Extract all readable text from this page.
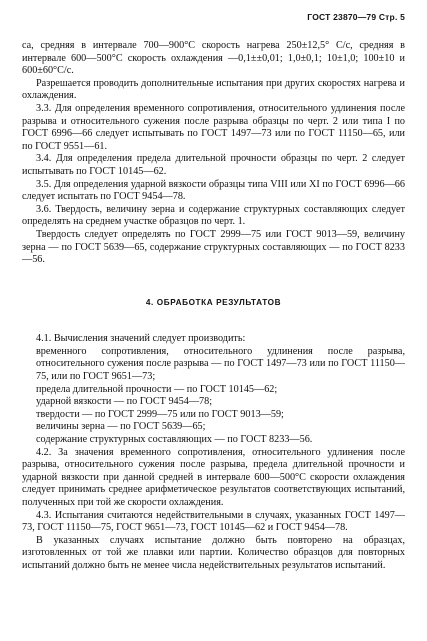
ГОСТ 23870—79 Стр. 5

са, средняя в интервале 700—900°С скорость нагрева 250±12,5° С/с, средняя в интервале 600—500°С скорость охлаждения —0,1±±0,01; 1,0±0,1; 10±1,0; 100±10 и 600±60°С/с.

Разрешается проводить дополнительные испытания при других скоростях нагрева и охлаждения.

3.3. Для определения временного сопротивления, относительного удлинения после разрыва и относительного сужения после разрыва образцы по черт. 2 или типа I по ГОСТ 6996—66 следует испытывать по ГОСТ 1497—73 или по ГОСТ 11150—65, или по ГОСТ 9551—61.

3.4. Для определения предела длительной прочности образцы по черт. 2 следует испытывать по ГОСТ 10145—62.

3.5. Для определения ударной вязкости образцы типа VIII или XI по ГОСТ 6996—66 следует испытать по ГОСТ 9454—78.

3.6. Твердость, величину зерна и содержание структурных составляющих следует определять на среднем участке образцов по черт. 1.

Твердость следует определять по ГОСТ 2999—75 или ГОСТ 9013—59, величину зерна — по ГОСТ 5639—65, содержание структурных составляющих — по ГОСТ 8233—56.

4. ОБРАБОТКА РЕЗУЛЬТАТОВ

4.1. Вычисления значений следует производить:

временного сопротивления, относительного удлинения после разрыва, относительного сужения после разрыва — по ГОСТ 1497—73 или по ГОСТ 11150—75, или по ГОСТ 9651—73;

предела длительной прочности — по ГОСТ 10145—62;

ударной вязкости — по ГОСТ 9454—78;

твердости — по ГОСТ 2999—75 или по ГОСТ 9013—59;

величины зерна — по ГОСТ 5639—65;

содержание структурных составляющих — по ГОСТ 8233—56.

4.2. За значения временного сопротивления, относительного удлинения после разрыва, относительного сужения после разрыва, предела длительной прочности и ударной вязкости при данной средней в интервале 600—500°С скорости охлаждения следует принимать среднее арифметическое результатов соответствующих испытаний, полученных при той же скорости охлаждения.

4.3. Испытания считаются недействительными в случаях, указанных ГОСТ 1497—73, ГОСТ 11150—75, ГОСТ 9651—73, ГОСТ 10145—62 и ГОСТ 9454—78.

В указанных случаях испытание должно быть повторено на образцах, изготовленных от той же плавки или партии. Количество образцов для повторных испытаний должно быть не менее числа недействительных результатов испытаний.
